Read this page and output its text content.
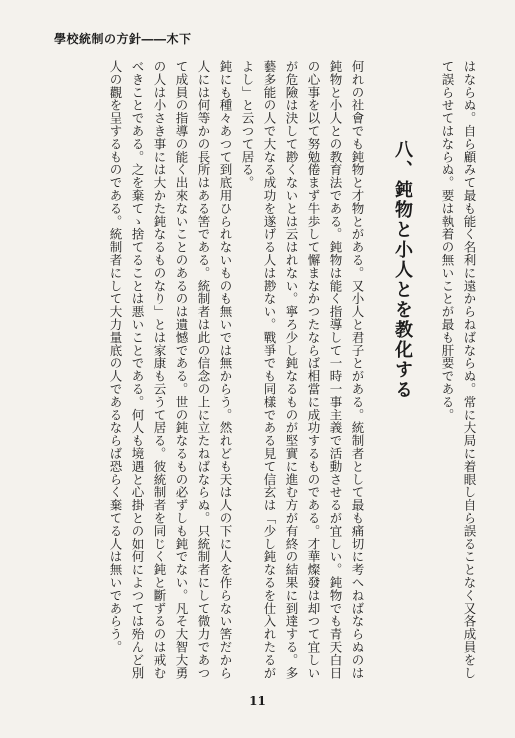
學校統制の方針――木下
はならぬ。自ら顧みて最も能く名利に遠からねばならぬ。常に大局に着眼し自ら誤ることなく又各成員をして誤らせてはならぬ。要は執着の無いことが最も肝要である。
八、鈍物と小人とを教化する
何れの社會でも鈍物と才物とがある。又小人と君子とがある。統制者として最も痛切に考へねばならぬのは鈍物と小人との教育法である。鈍物は能く指導して一時一事主義で活動させるが宜しい。鈍物でも青天白日の心事を以て努勉倦まず牛歩して懈まなかつたならば相當に成功するものである。才華燦發は却つて宜しいが危險は決して尠くないとは云はれない。寧ろ少し鈍なるものが堅實に進む方が有終の結果に到達する。多藝多能の人で大なる成功を遂げる人は尠ない。戰爭でも同樣である見て信玄は「少し鈍なるを仕入れたるがよし」と云つて居る。
鈍にも種々あつて到底用ひられないものも無いでは無からう。然れども天は人の下に人を作らない筈だから人には何等かの長所はある筈である。統制者は此の信念の上に立たねばならぬ。只統制者にして微力であつて成員の指導の能く出來ないことのあるのは遺憾である。世の鈍なるもの必ずしも鈍でない。凡そ大智大勇の人は小さき事には大かた鈍なるものなり」とは家康も云うて居る。彼統制者を同じく鈍と斷ずるのは戒むべきことである。之を棄てゝ捨てることは悪いことである。何人も境遇と心掛との如何によつては殆んど別人の觀を呈するものである。統制者にして大力量底の人であるならば恐らく棄てる人は無いであらう。
11
